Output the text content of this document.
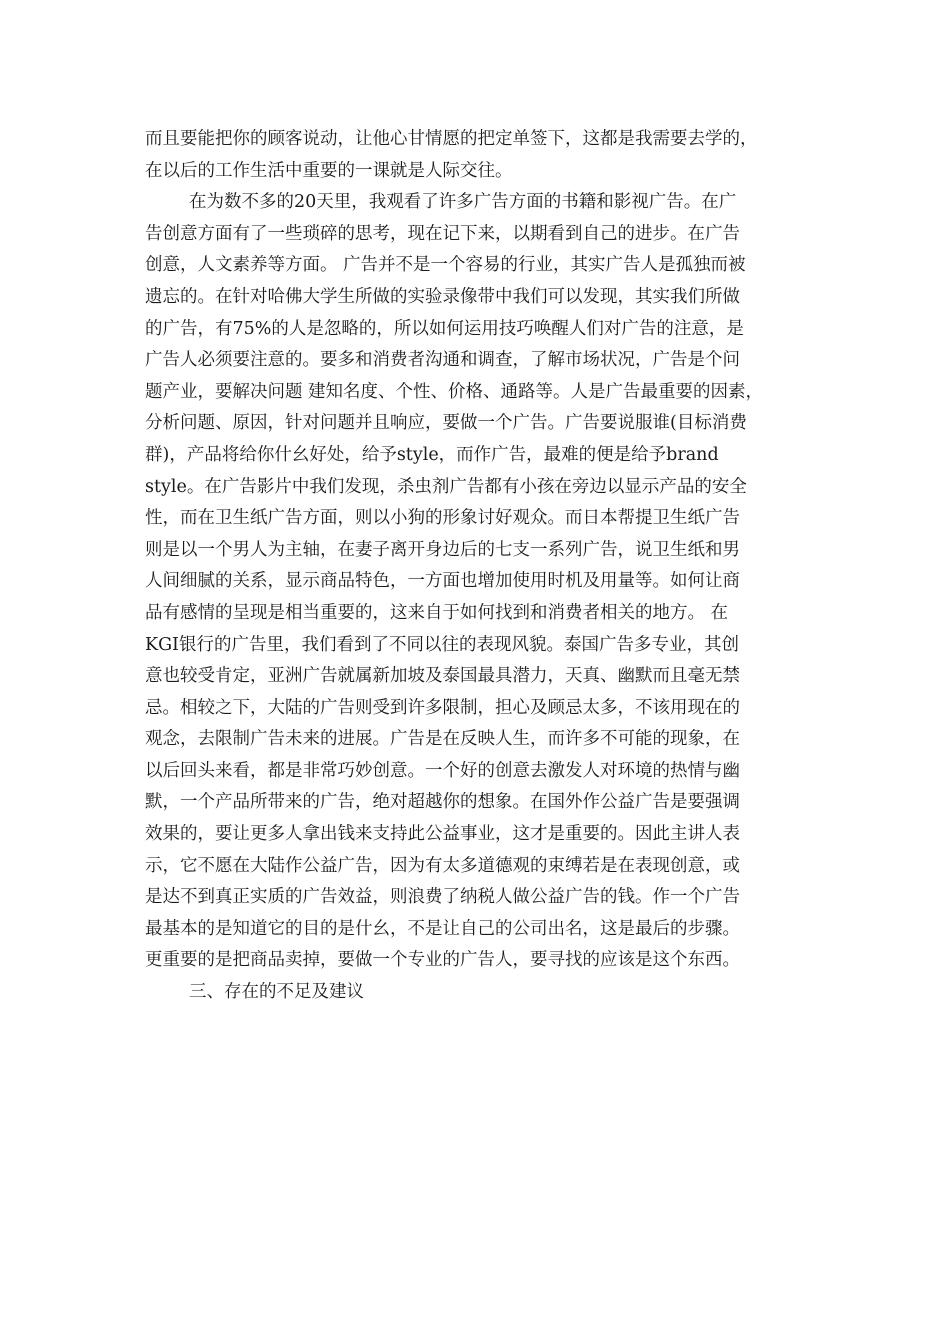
而且要能把你的顾客说动，让他心甘情愿的把定单签下，这都是我需要去学的，
在以后的工作生活中重要的一课就是人际交往。
在为数不多的20天里，我观看了许多广告方面的书籍和影视广告。在广
告创意方面有了一些琐碎的思考，现在记下来，以期看到自己的进步。在广告
创意，人文素养等方面。 广告并不是一个容易的行业，其实广告人是孤独而被
遗忘的。在针对哈佛大学生所做的实验录像带中我们可以发现，其实我们所做
的广告，有75%的人是忽略的，所以如何运用技巧唤醒人们对广告的注意，是
广告人必须要注意的。要多和消费者沟通和调查，了解市场状况，广告是个问
题产业，要解决问题 建知名度、个性、价格、通路等。人是广告最重要的因素，
分析问题、原因，针对问题并且响应，要做一个广告。广告要说服谁(目标消费
群)，产品将给你什幺好处，给予style，而作广告，最难的便是给予brand
style。在广告影片中我们发现，杀虫剂广告都有小孩在旁边以显示产品的安全
性，而在卫生纸广告方面，则以小狗的形象讨好观众。而日本帮提卫生纸广告
则是以一个男人为主轴，在妻子离开身边后的七支一系列广告，说卫生纸和男
人间细腻的关系，显示商品特色，一方面也增加使用时机及用量等。如何让商
品有感情的呈现是相当重要的，这来自于如何找到和消费者相关的地方。 在
KGI银行的广告里，我们看到了不同以往的表现风貌。泰国广告多专业，其创
意也较受肯定，亚洲广告就属新加坡及泰国最具潜力，天真、幽默而且毫无禁
忌。相较之下，大陆的广告则受到许多限制，担心及顾忌太多，不该用现在的
观念，去限制广告未来的进展。广告是在反映人生，而许多不可能的现象，在
以后回头来看，都是非常巧妙创意。一个好的创意去激发人对环境的热情与幽
默，一个产品所带来的广告，绝对超越你的想象。在国外作公益广告是要强调
效果的，要让更多人拿出钱来支持此公益事业，这才是重要的。因此主讲人表
示，它不愿在大陆作公益广告，因为有太多道德观的束缚若是在表现创意，或
是达不到真正实质的广告效益，则浪费了纳税人做公益广告的钱。作一个广告
最基本的是知道它的目的是什幺，不是让自己的公司出名，这是最后的步骤。
更重要的是把商品卖掉，要做一个专业的广告人，要寻找的应该是这个东西。
三、存在的不足及建议
